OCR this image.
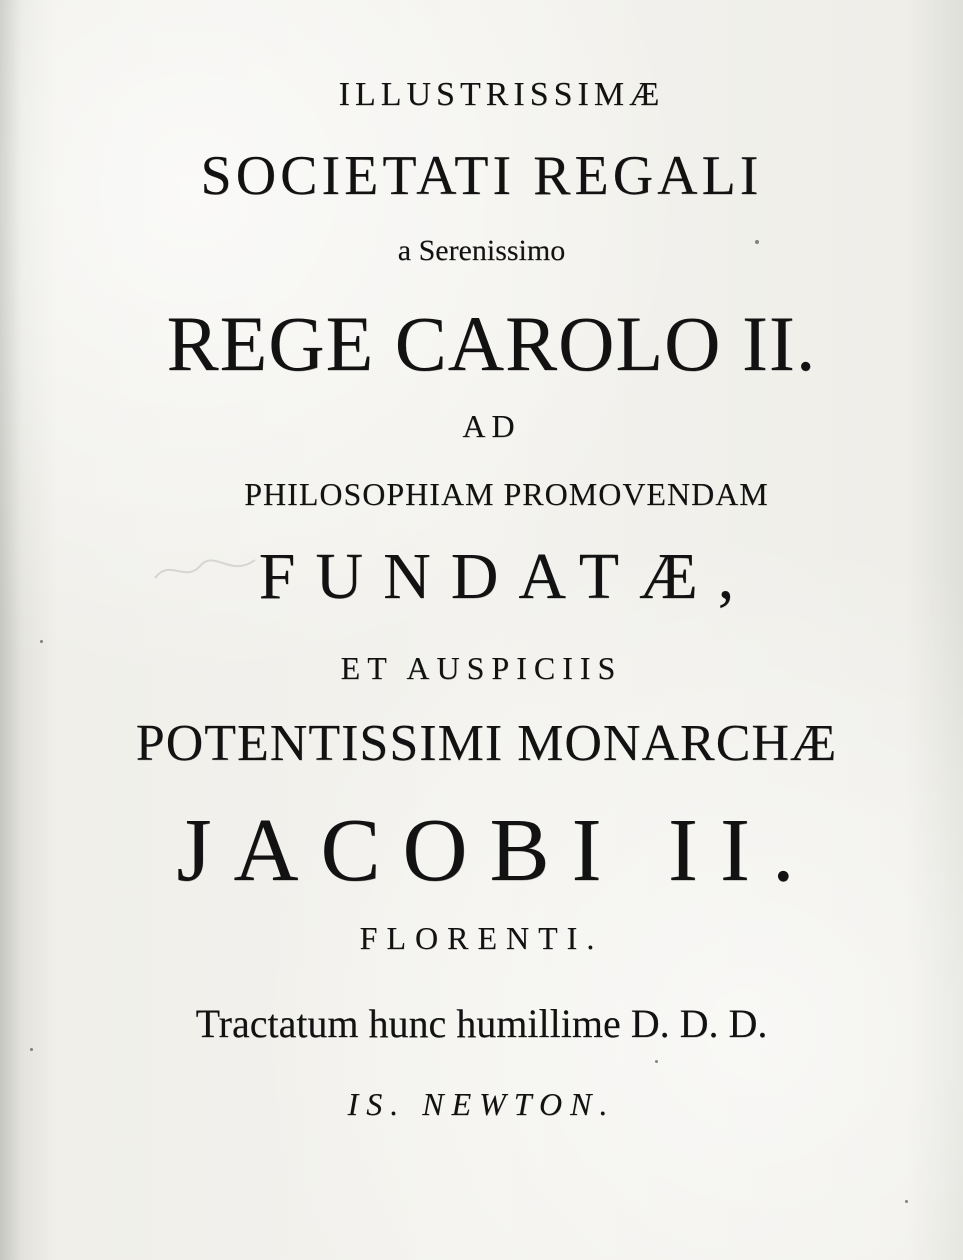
ILLUSTRISSIMÆ

SOCIETATI REGALI

a Serenissimo

REGE CAROLO II.

AD

PHILOSOPHIAM PROMOVENDAM

FUNDATÆ,

ET AUSPICIIS

POTENTISSIMI MONARCHÆ

JACOBI II.

FLORENTI.

Tractatum hunc humillime D. D. D.

IS. NEWTON.
